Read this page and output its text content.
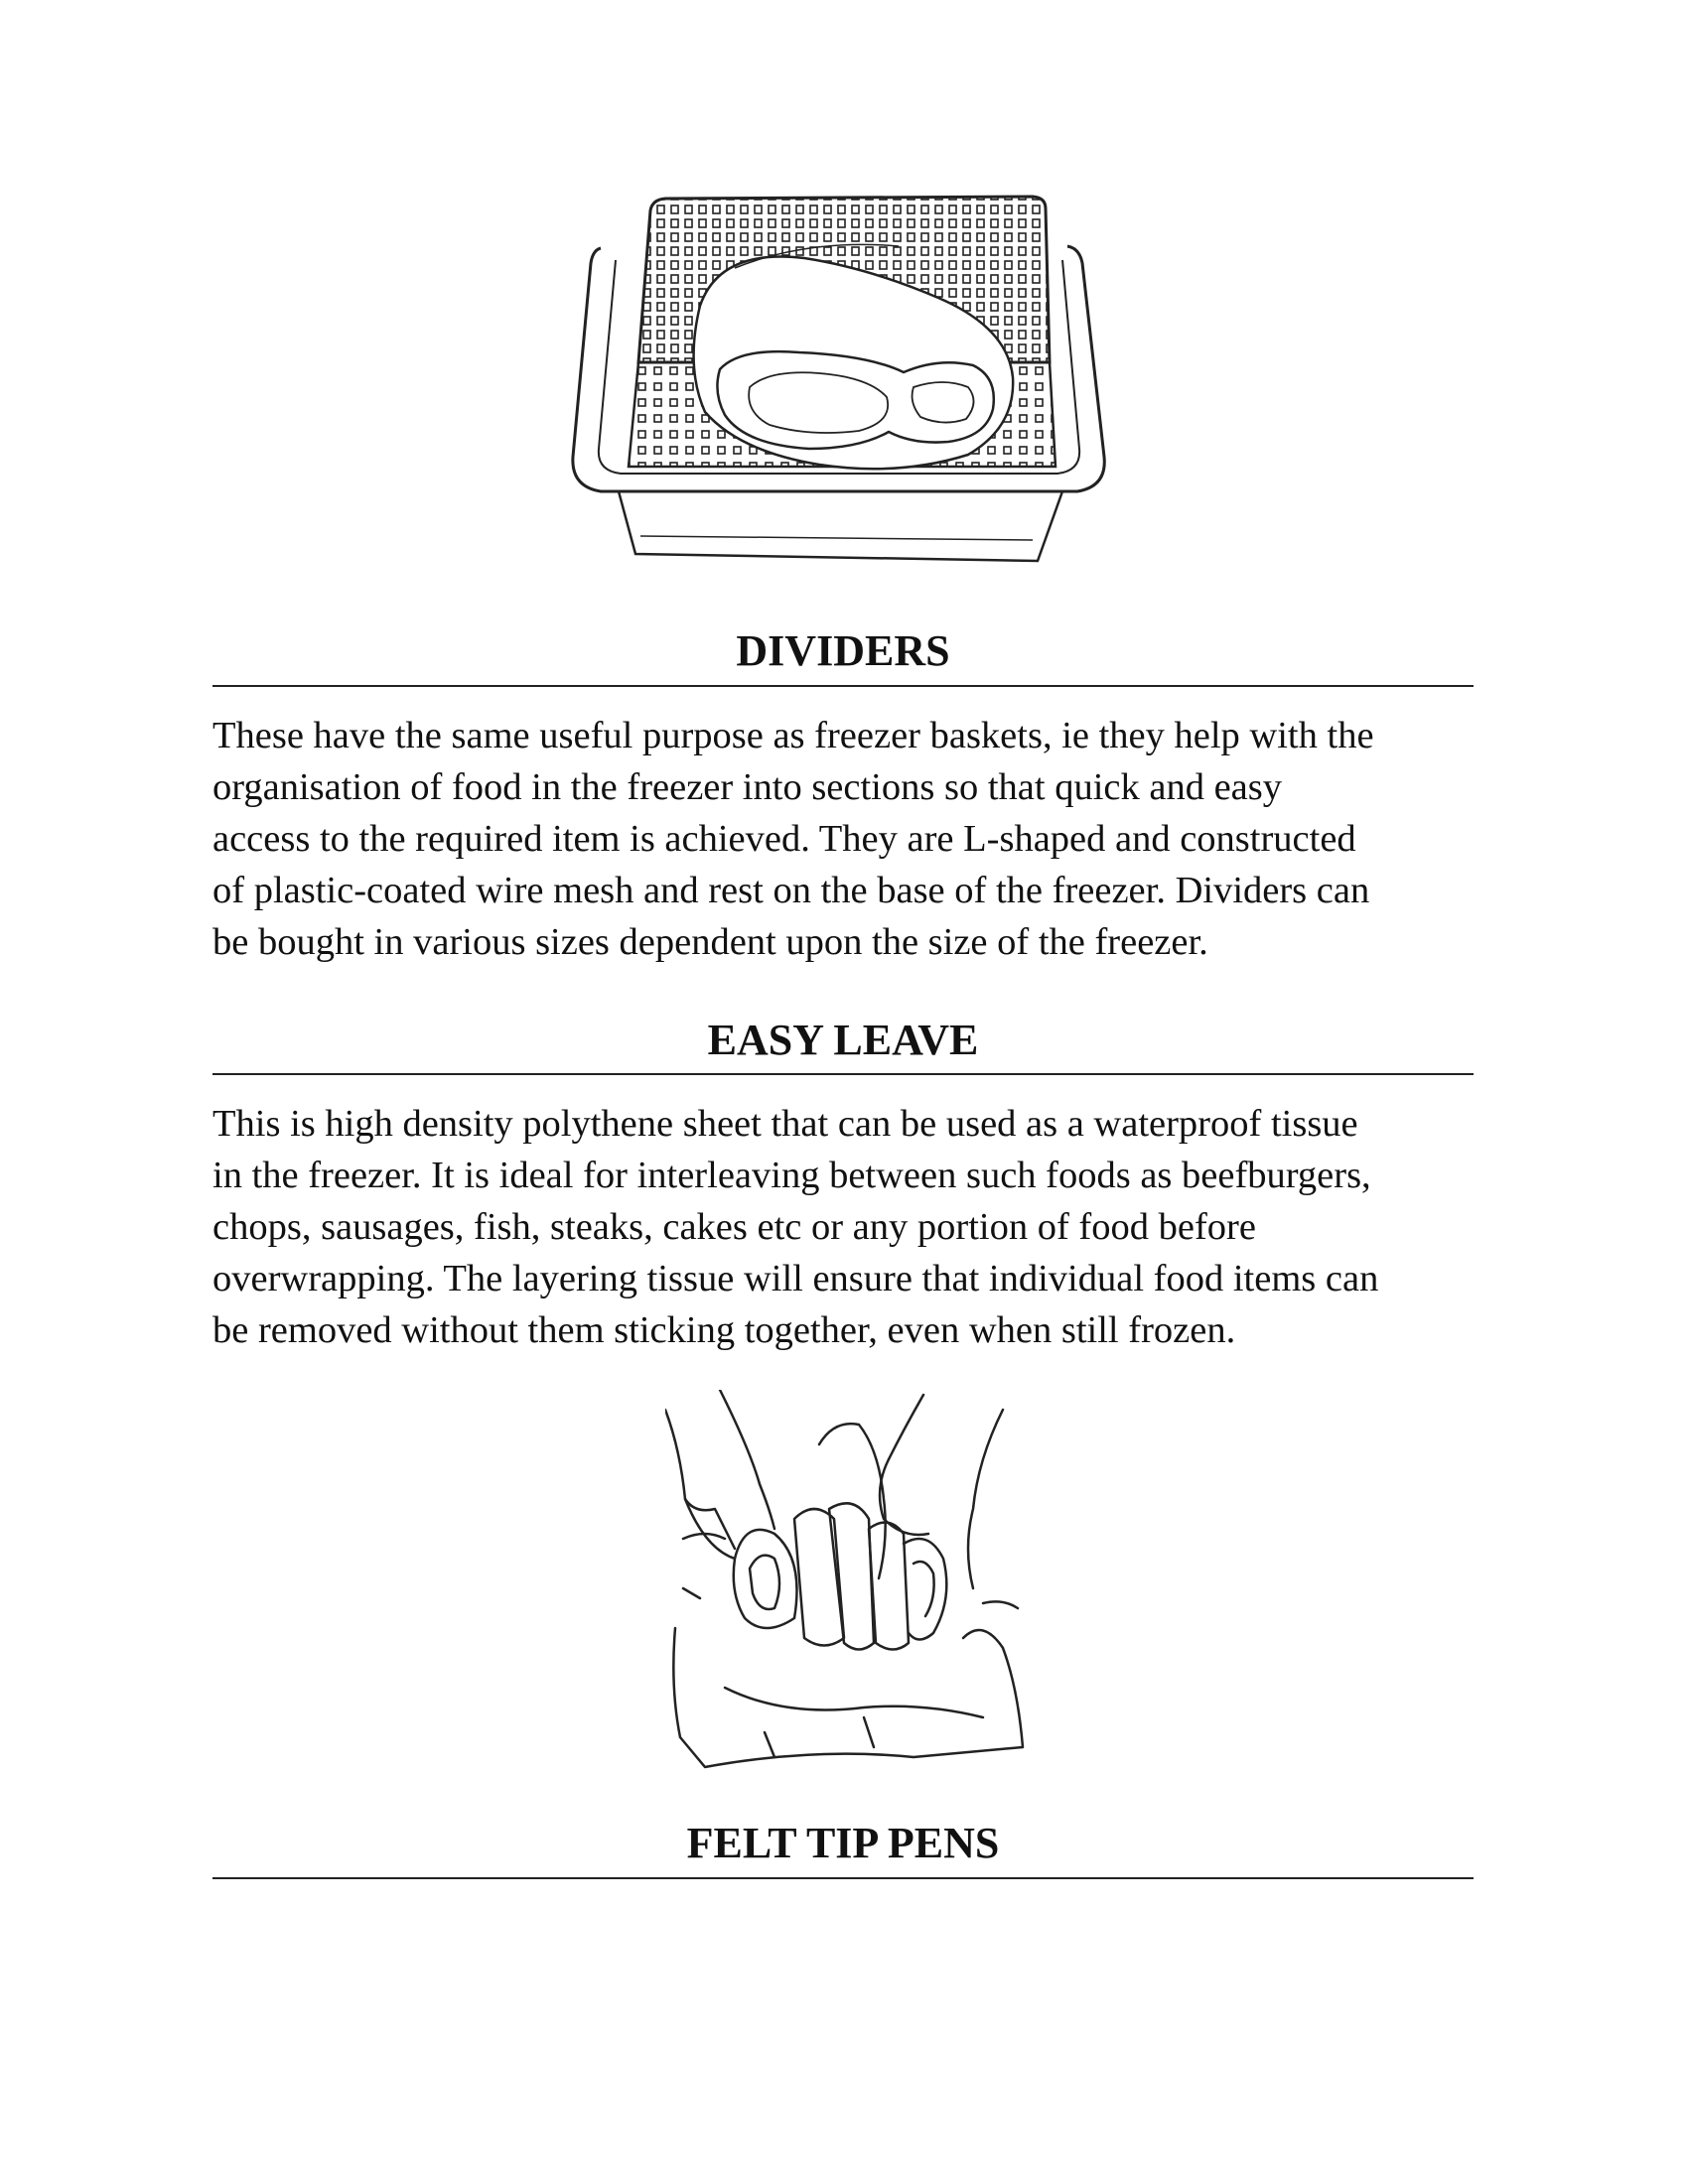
DIVIDERS

These have the same useful purpose as freezer baskets, ie they help with the
organisation of food in the freezer into sections so that quick and easy
access to the required item is achieved. They are L-shaped and constructed
of plastic-coated wire mesh and rest on the base of the freezer. Dividers can
be bought in various sizes dependent upon the size of the freezer.

EASY LEAVE

This is high density polythene sheet that can be used as a waterproof tissue
in the freezer. It is ideal for interleaving between such foods as beefburgers,
chops, sausages, fish, steaks, cakes etc or any portion of food before
overwrapping. The layering tissue will ensure that individual food items can
be removed without them sticking together, even when still frozen.

FELT TIP PENS
